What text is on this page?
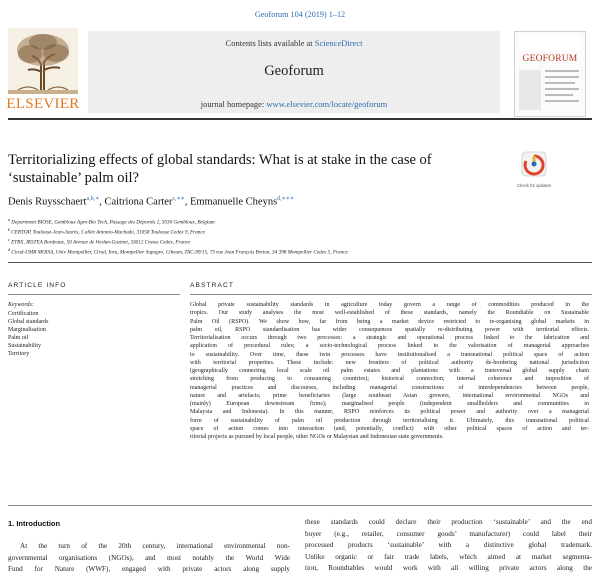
Geoforum 104 (2019) 1–12
Contents lists available at ScienceDirect
Geoforum
journal homepage: www.elsevier.com/locate/geoforum
ELSEVIER
GEOFORUM
Territorializing effects of global standards: What is at stake in the case of
‘sustainable’ palm oil?	Check for updates
Denis Ruysschaert$^{a,b,∗}$, Caitriona Carter$^{c,∗∗}$, Emmanuelle Cheyns$^{d,∗∗∗}$
$^a$ Department BIOSE, Gembloux Agro-Bio Tech, Passage des Déportés 2, 5030 Gembloux, Belgium
$^b$ CERTOP, Toulouse-Jean-Jaurès, 5 allée Antonio-Machado, 31058 Toulouse Cedex 9, France
$^c$ ETBX, IRSTEA Bordeaux, 50 Avenue de Verdun-Gazinet, 33612 Cestas Cedex, France
$^d$ Cirad-UMR MOISA, Univ Montpellier, Cirad, Inra, Montpellier Supagro, Ciheam, TAC-99/15, 73 rue Jean François Breton, 34 398 Montpellier Cedex 5, France
ARTICLE INFO	ABSTRACT
Keywords:
Certification
Global standards
Marginalisation
Palm oil
Sustainability
Territory
Global private sustainability standards in agriculture today govern a range of commodities produced in the
tropics. Our study analyses the most well-established of these standards, namely the Roundtable on Sustainable
Palm Oil (RSPO). We show how, far from being a market device restricted to re-organising global markets in
palm oil, RSPO standardisation has wider consequences spatially re-distributing power with territorial effects.
Territorialisation occurs through two processes: a strategic and operational process linked to the fabrication and
application of procedural rules; a socio-technological process linked to the valorisation of managerial approaches
to sustainability. Over time, these twin processes have institutionalised a transnational political space of action
with territorial properties. These include: new frontiers of political authority de-bordering national jurisdiction
(geographically connecting local scale oil palm estates and plantations with a transversal global supply chain
stretching from producing to consuming countries); historical connection; internal coherence and imposition of
managerial practices and discourses, including managerial constructions of interdependencies between people,
nature and artefacts; prime beneficiaries (large southeast Asian growers, international environmental NGOs and
(mainly) European downstream firms); marginalised people (independent smallholders and communities in
Malaysia and Indonesia). In this manner, RSPO reinforces its political power and authority over a managerial
form of sustainability of palm oil production through territorialising it. Ultimately, this transnational political
space of action comes into interaction (and, potentially, conflict) with other political spaces of action and ter-
ritorial projects as pursued by local people, other NGOs or Malaysian and Indonesian state governments.
1. Introduction
At the turn of the 20th century, international environmental non-
governmental organisations (NGOs), and most notably the World Wide
Fund for Nature (WWF), engaged with private actors along supply
these standards could declare their production ‘sustainable’ and the end
buyer (e.g., retailer, consumer goods’ manufacturer) could label their
processed products ‘sustainable’ with a distinctive global trademark.
Unlike organic or fair trade labels, which aimed at market segmenta-
tion, Roundtables would work with all willing private actors along the
